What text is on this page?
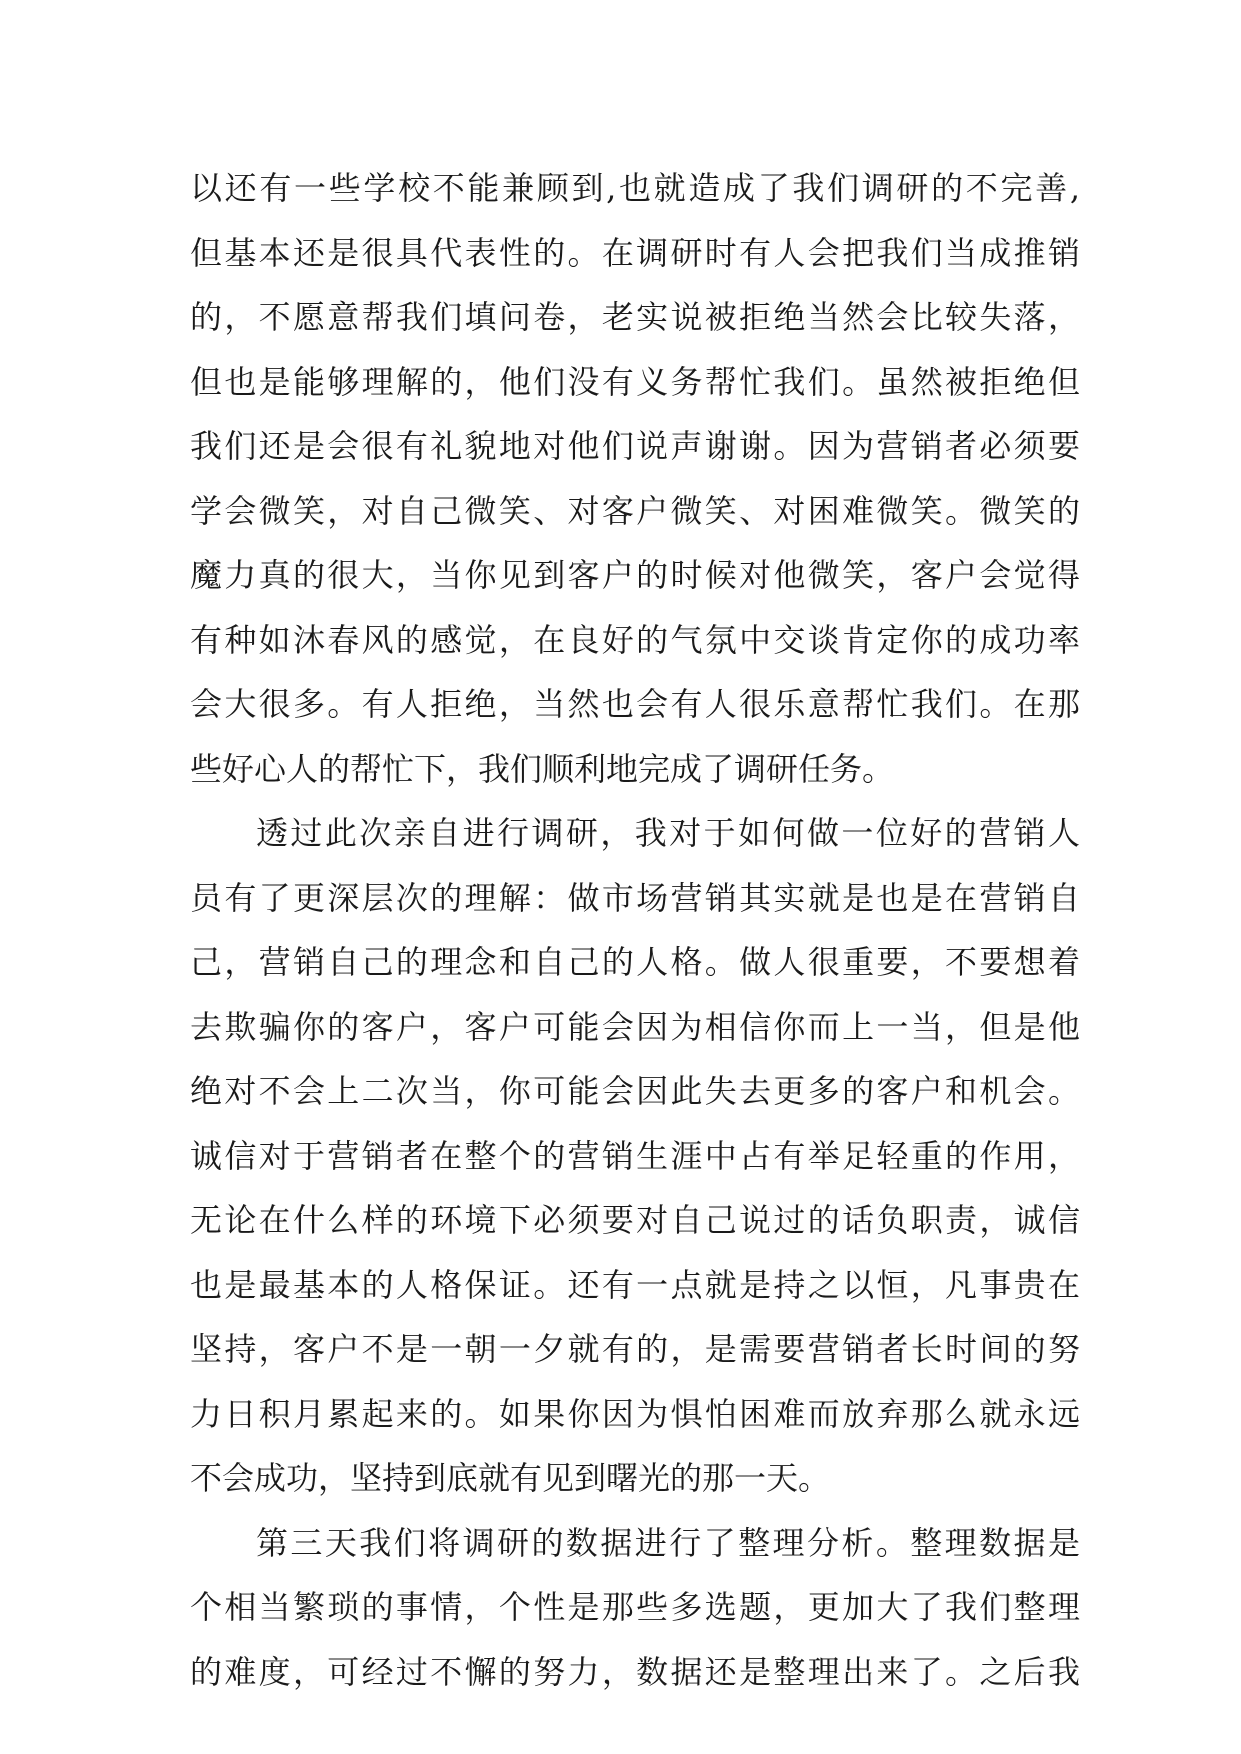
以还有一些学校不能兼顾到,也就造成了我们调研的不完善,
但基本还是很具代表性的。在调研时有人会把我们当成推销
的，不愿意帮我们填问卷，老实说被拒绝当然会比较失落，
但也是能够理解的，他们没有义务帮忙我们。虽然被拒绝但
我们还是会很有礼貌地对他们说声谢谢。因为营销者必须要
学会微笑，对自己微笑、对客户微笑、对困难微笑。微笑的
魔力真的很大，当你见到客户的时候对他微笑，客户会觉得
有种如沐春风的感觉，在良好的气氛中交谈肯定你的成功率
会大很多。有人拒绝，当然也会有人很乐意帮忙我们。在那
些好心人的帮忙下，我们顺利地完成了调研任务。
透过此次亲自进行调研，我对于如何做一位好的营销人
员有了更深层次的理解：做市场营销其实就是也是在营销自
己，营销自己的理念和自己的人格。做人很重要，不要想着
去欺骗你的客户，客户可能会因为相信你而上一当，但是他
绝对不会上二次当，你可能会因此失去更多的客户和机会。
诚信对于营销者在整个的营销生涯中占有举足轻重的作用，
无论在什么样的环境下必须要对自己说过的话负职责，诚信
也是最基本的人格保证。还有一点就是持之以恒，凡事贵在
坚持，客户不是一朝一夕就有的，是需要营销者长时间的努
力日积月累起来的。如果你因为惧怕困难而放弃那么就永远
不会成功，坚持到底就有见到曙光的那一天。
第三天我们将调研的数据进行了整理分析。整理数据是
个相当繁琐的事情，个性是那些多选题，更加大了我们整理
的难度，可经过不懈的努力，数据还是整理出来了。之后我
